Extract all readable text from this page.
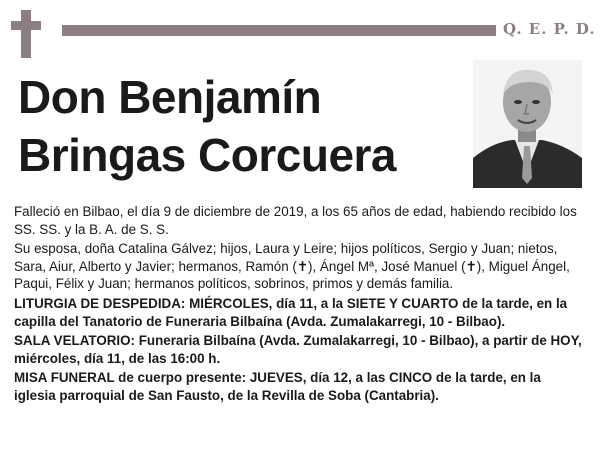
Q. E. P. D.
Don Benjamín
Bringas Corcuera

Falleció en Bilbao, el día 9 de diciembre de 2019, a los 65 años de edad, habiendo recibido los SS. SS. y la B. A. de S. S.

Su esposa, doña Catalina Gálvez; hijos, Laura y Leire; hijos políticos, Sergio y Juan; nietos, Sara, Aiur, Alberto y Javier; hermanos, Ramón (✝), Ángel Mª, José Manuel (✝), Miguel Ángel, Paqui, Félix y Juan; hermanos políticos, sobrinos, primos y demás familia.

LITURGIA DE DESPEDIDA: MIÉRCOLES, día 11, a la SIETE Y CUARTO de la tarde, en la capilla del Tanatorio de Funeraria Bilbaína (Avda. Zumalakarregi, 10 - Bilbao).

SALA VELATORIO: Funeraria Bilbaína (Avda. Zumalakarregi, 10 - Bilbao), a partir de HOY, miércoles, día 11, de las 16:00 h.

MISA FUNERAL de cuerpo presente: JUEVES, día 12, a las CINCO de la tarde, en la iglesia parroquial de San Fausto, de la Revilla de Soba (Cantabria).
